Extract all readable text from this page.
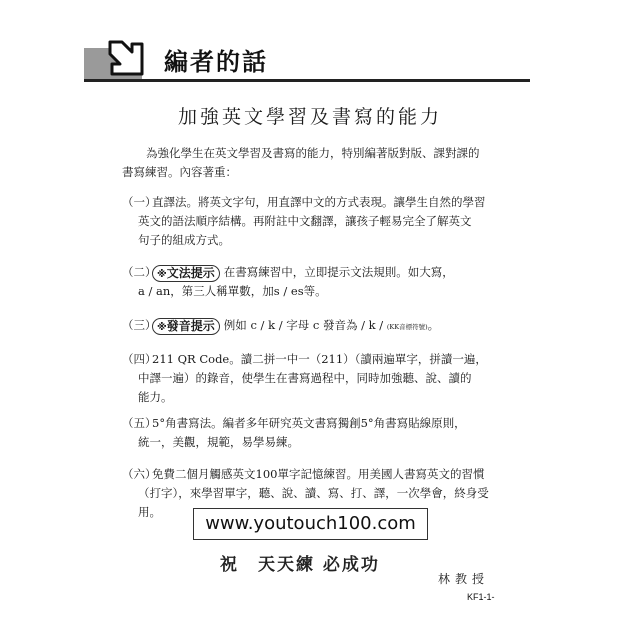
編者的話
加強英文學習及書寫的能力
為強化學生在英文學習及書寫的能力，特別編著版對版、課對課的
書寫練習。內容著重：
（一）
直譯法。將英文字句，用直譯中文的方式表現。讓學生自然的學習
英文的語法順序結構。再附註中文翻譯，讓孩子輕易完全了解英文
句子的組成方式。
（二） ※文法提示 在書寫練習中，立即提示文法規則。如大寫，
a / an，第三人稱單數，加s / es等。
（三） ※發音提示 例如 c / k / 字母 c 發音為 / k / (KK音標符號)。
（四）
211 QR Code。讀二拼一中一（211）（讀兩遍單字，拼讀一遍，
中譯一遍）的錄音，使學生在書寫過程中，同時加強聽、說、讀的
能力。
（五）
5°角書寫法。編者多年研究英文書寫獨創5°角書寫貼線原則，
統一，美觀，規範，易學易練。
（六）
免費二個月觸感英文100單字記憶練習。用美國人書寫英文的習慣
（打字），來學習單字，聽、說、讀、寫、打、譯，一次學會，終身受
用。
www.youtouch100.com
祝　天天練 必成功
林教授
KF1-1-
